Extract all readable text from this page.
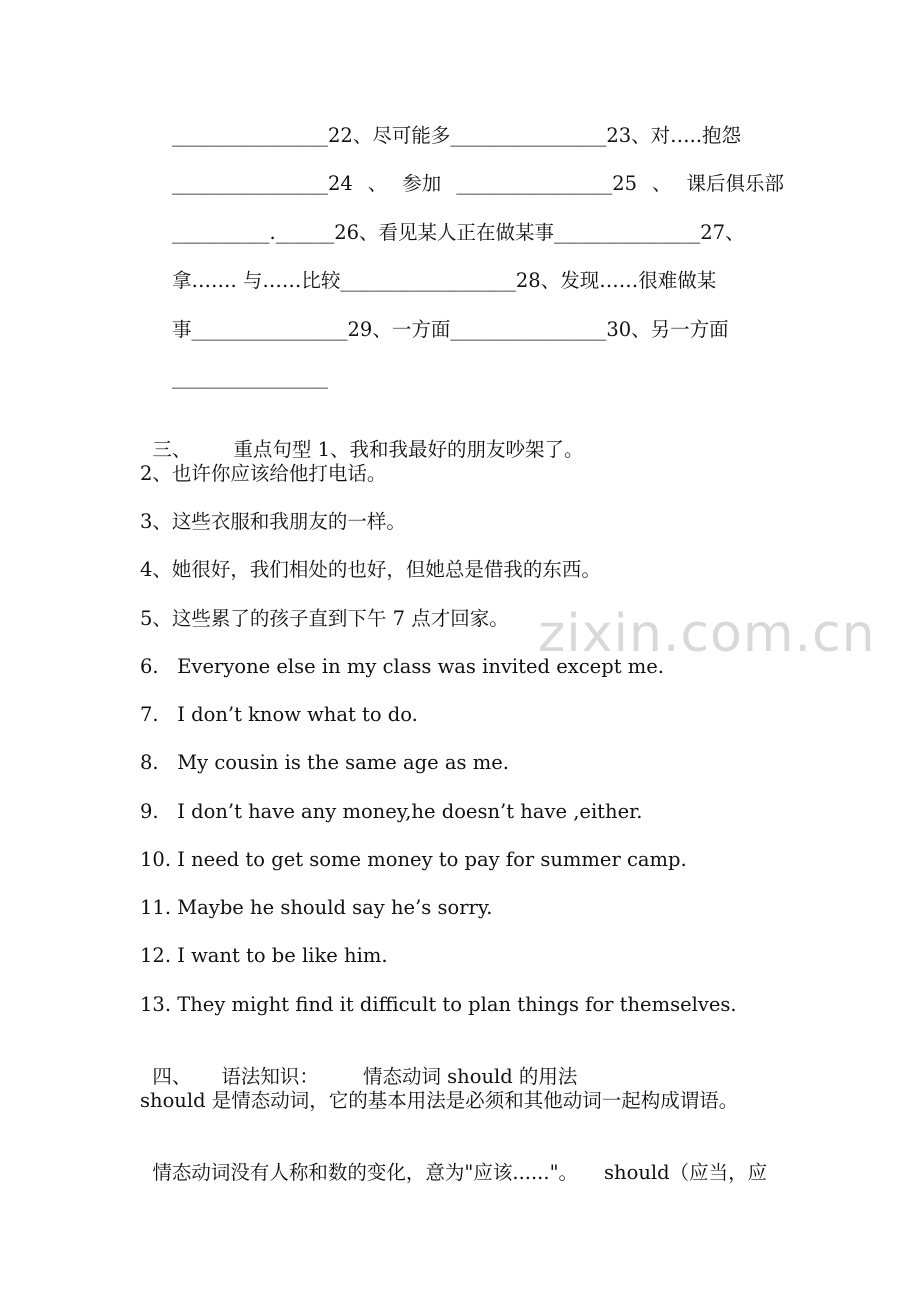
________________22、尽可能多________________23、对…..抱怨
________________24 、 参加 ________________25 、 课后俱乐部
__________.______26、看见某人正在做某事_______________27、
拿……. 与……比较__________________28、发现……很难做某
事________________29、一方面________________30、另一方面
________________

三、 重点句型 1、我和我最好的朋友吵架了。

2、也许你应该给他打电话。
3、这些衣服和我朋友的一样。
4、她很好，我们相处的也好，但她总是借我的东西。
5、这些累了的孩子直到下午 7 点才回家。
6.   Everyone else in my class was invited except me.
7.   I don’t know what to do.
8.   My cousin is the same age as me.
9.   I don’t have any money,he doesn’t have ,either.
10. I need to get some money to pay for summer camp.
11. Maybe he should say he’s sorry.
12. I want to be like him.
13. They might find it difficult to plan things for themselves.

四、 语法知识： 情态动词 should 的用法

should 是情态动词，它的基本用法是必须和其他动词一起构成谓语。

情态动词没有人称和数的变化，意为"应该......"。 should（应当，应

zixin.com.cn
